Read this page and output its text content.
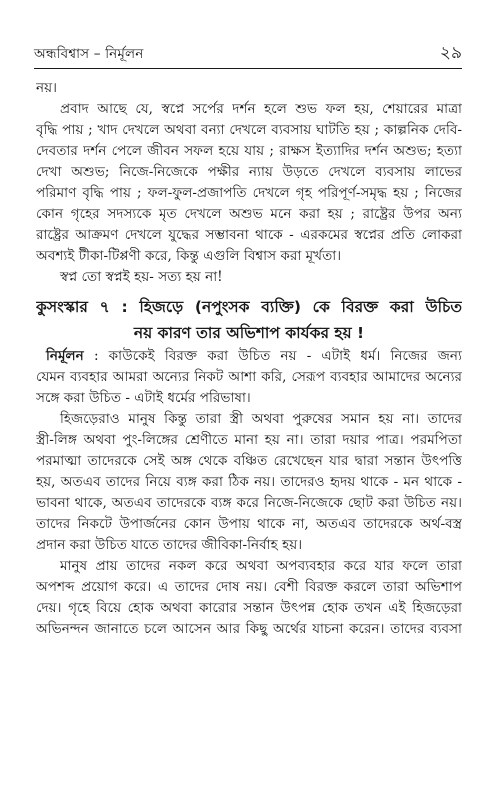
অন্ধবিশ্বাস – নির্মূলন	২৯
নয়।
প্রবাদ আছে যে, স্বপ্নে সর্পের দর্শন হলে শুভ ফল হয়, শেয়ারের মাত্রা
বৃদ্ধি পায় ; খাদ দেখলে অথবা বন্যা দেখলে ব্যবসায় ঘাটতি হয় ; কাল্পনিক দেবি-
দেবতার দর্শন পেলে জীবন সফল হয়ে যায় ; রাক্ষস ইত্যাদির দর্শন অশুভ; হত্যা
দেখা অশুভ; নিজে-নিজেকে পক্ষীর ন্যায় উড়তে দেখলে ব্যবসায় লাভের
পরিমাণ বৃদ্ধি পায় ; ফল-ফুল-প্রজাপতি দেখলে গৃহ পরিপূর্ণ-সমৃদ্ধ হয় ; নিজের
কোন গৃহের সদস্যকে মৃত দেখলে অশুভ মনে করা হয় ; রাষ্ট্রের উপর অন্য
রাষ্ট্রের আক্রমণ দেখলে যুদ্ধের সম্ভাবনা থাকে - এরকমের স্বপ্নের প্রতি লোকরা
অবশ্যই টীকা-টিপ্পণী করে, কিন্তু এগুলি বিশ্বাস করা মূর্খতা।
স্বপ্ন তো স্বপ্নই হয়- সত্য হয় না!
কুসংস্কার ৭ : হিজড়ে (নপুংসক ব্যক্তি) কে বিরক্ত করা উচিত
নয় কারণ তার অভিশাপ কার্যকর হয় !
নির্মূলন : কাউকেই বিরক্ত করা উচিত নয় - এটাই ধর্ম। নিজের জন্য
যেমন ব্যবহার আমরা অন্যের নিকট আশা করি, সেরূপ ব্যবহার আমাদের অন্যের
সঙ্গে করা উচিত - এটাই ধর্মের পরিভাষা।
হিজড়েরাও মানুষ কিন্তু তারা স্ত্রী অথবা পুরুষের সমান হয় না। তাদের
স্ত্রী-লিঙ্গ অথবা পুং-লিঙ্গের শ্রেণীতে মানা হয় না। তারা দয়ার পাত্র। পরমপিতা
পরমাত্মা তাদেরকে সেই অঙ্গ থেকে বঞ্চিত রেখেছেন যার দ্বারা সন্তান উৎপত্তি
হয়, অতএব তাদের নিয়ে ব্যঙ্গ করা ঠিক নয়। তাদেরও হৃদয় থাকে - মন থাকে -
ভাবনা থাকে, অতএব তাদেরকে ব্যঙ্গ করে নিজে-নিজেকে ছোট করা উচিত নয়।
তাদের নিকটে উপার্জনের কোন উপায় থাকে না, অতএব তাদেরকে অর্থ-বস্ত্র
প্রদান করা উচিত যাতে তাদের জীবিকা-নির্বাহ হয়।
মানুষ প্রায় তাদের নকল করে অথবা অপব্যবহার করে যার ফলে তারা
অপশব্দ প্রয়োগ করে। এ তাদের দোষ নয়। বেশী বিরক্ত করলে তারা অভিশাপ
দেয়। গৃহে বিয়ে হোক অথবা কারোর সন্তান উৎপন্ন হোক তখন এই হিজড়েরা
অভিনন্দন জানাতে চলে আসেন আর কিছু অর্থের যাচনা করেন। তাদের ব্যবসা
